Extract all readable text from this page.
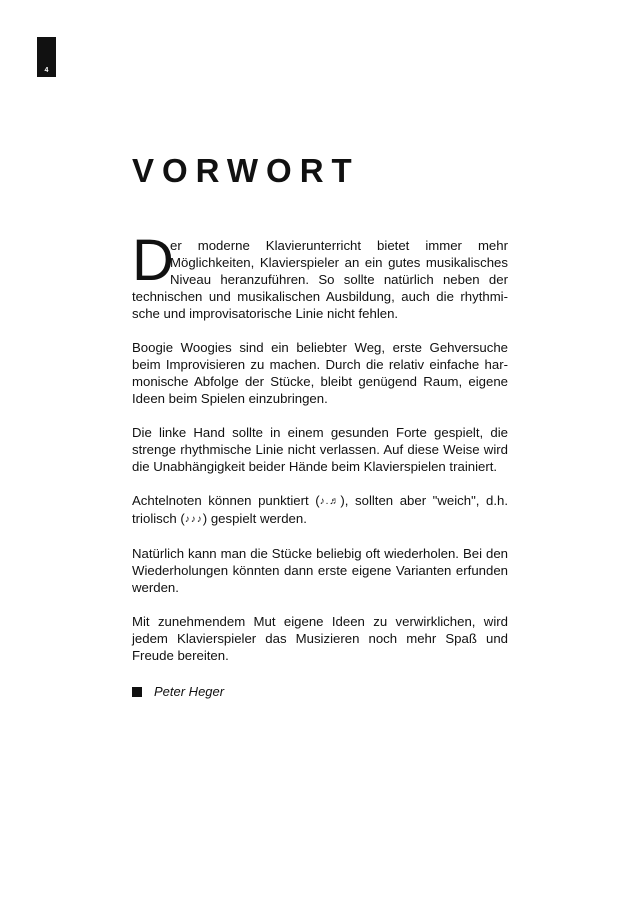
4
VORWORT

D
er moderne Klavierunterricht bietet immer mehr
Möglichkeiten, Klavierspieler an ein gutes musikalisches
Niveau heranzuführen. So sollte natürlich neben der
technischen und musikalischen Ausbildung, auch die rhythmi-
sche und improvisatorische Linie nicht fehlen.

Boogie Woogies sind ein beliebter Weg, erste Gehversuche
beim Improvisieren zu machen. Durch die relativ einfache har-
monische Abfolge der Stücke, bleibt genügend Raum, eigene
Ideen beim Spielen einzubringen.

Die linke Hand sollte in einem gesunden Forte gespielt, die
strenge rhythmische Linie nicht verlassen. Auf diese Weise wird
die Unabhängigkeit beider Hände beim Klavierspielen trainiert.

Achtelnoten können punktiert (♪.♬), sollten aber "weich", d.h.
triolisch (♪♪♪) gespielt werden.

Natürlich kann man die Stücke beliebig oft wiederholen. Bei den
Wiederholungen könnten dann erste eigene Varianten erfunden
werden.

Mit zunehmendem Mut eigene Ideen zu verwirklichen, wird
jedem Klavierspieler das Musizieren noch mehr Spaß und
Freude bereiten.

Peter Heger
